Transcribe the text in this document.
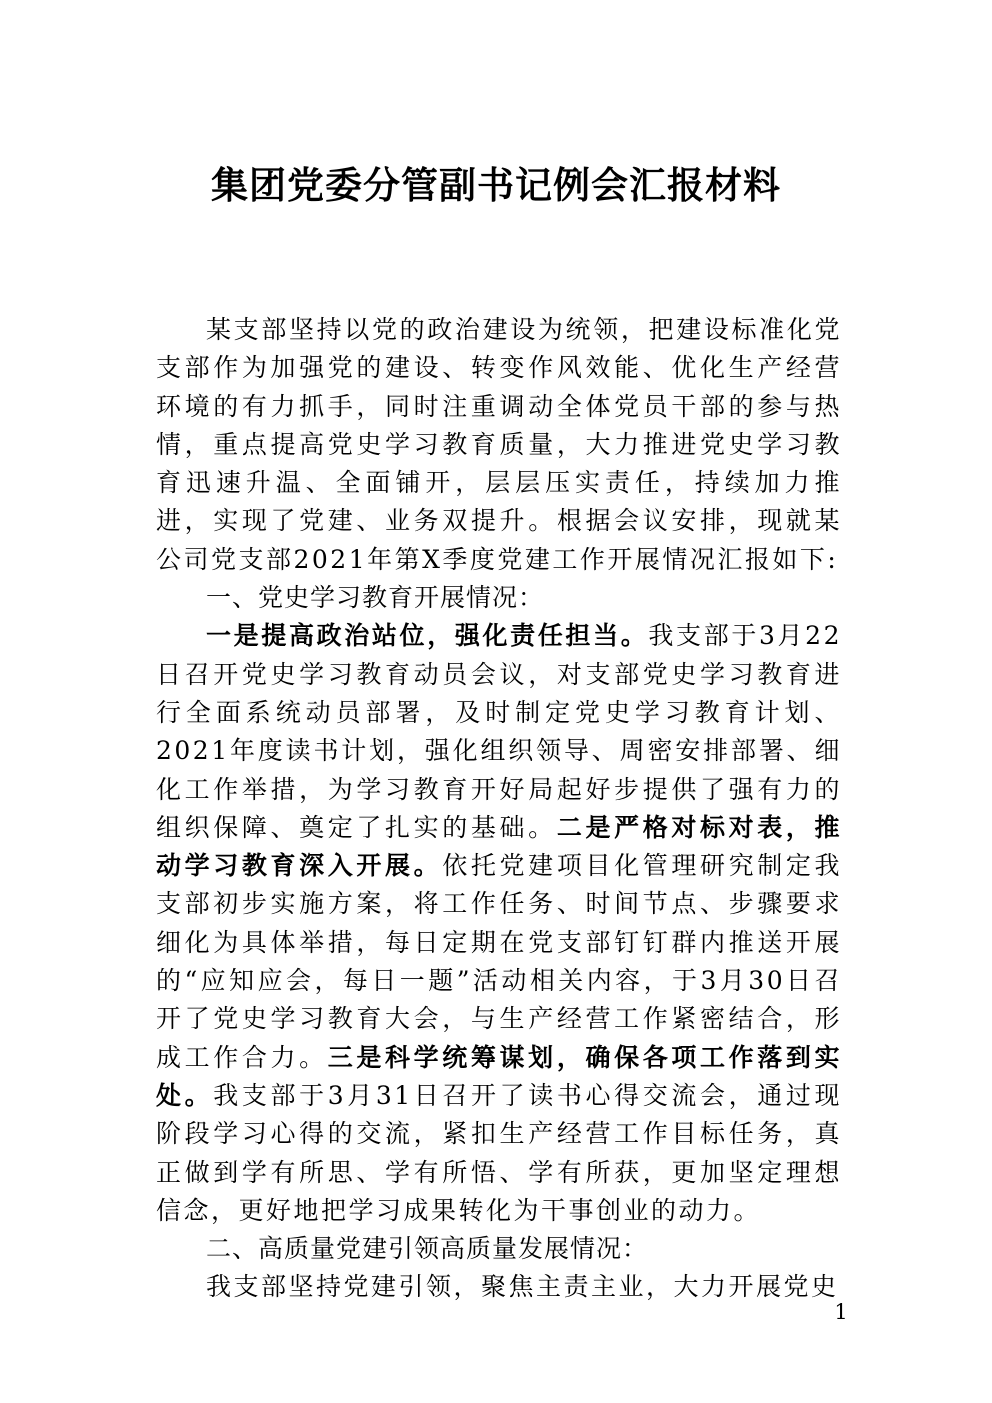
集团党委分管副书记例会汇报材料

某支部坚持以党的政治建设为统领，把建设标准化党支部作为加强党的建设、转变作风效能、优化生产经营环境的有力抓手，同时注重调动全体党员干部的参与热情，重点提高党史学习教育质量，大力推进党史学习教育迅速升温、全面铺开，层层压实责任，持续加力推进，实现了党建、业务双提升。根据会议安排，现就某公司党支部2021年第X季度党建工作开展情况汇报如下:

一、党史学习教育开展情况：

一是提高政治站位，强化责任担当。我支部于3月22日召开党史学习教育动员会议，对支部党史学习教育进行全面系统动员部署，及时制定党史学习教育计划、2021年度读书计划，强化组织领导、周密安排部署、细化工作举措，为学习教育开好局起好步提供了强有力的组织保障、奠定了扎实的基础。二是严格对标对表，推动学习教育深入开展。依托党建项目化管理研究制定我支部初步实施方案，将工作任务、时间节点、步骤要求细化为具体举措，每日定期在党支部钉钉群内推送开展的“应知应会，每日一题”活动相关内容，于3月30日召开了党史学习教育大会，与生产经营工作紧密结合，形成工作合力。三是科学统筹谋划，确保各项工作落到实处。我支部于3月31日召开了读书心得交流会，通过现阶段学习心得的交流，紧扣生产经营工作目标任务，真正做到学有所思、学有所悟、学有所获，更加坚定理想信念，更好地把学习成果转化为干事创业的动力。

二、高质量党建引领高质量发展情况：

我支部坚持党建引领，聚焦主责主业，大力开展党史

1
